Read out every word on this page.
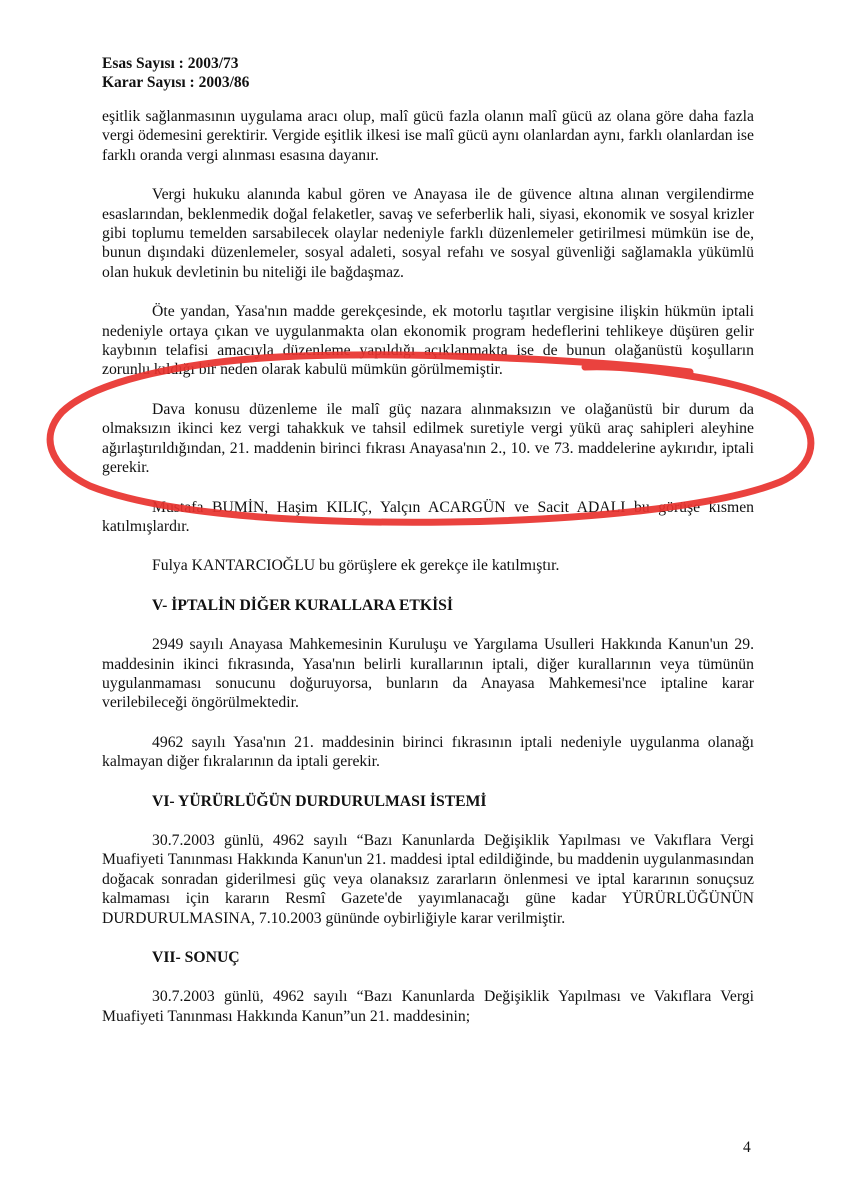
Esas Sayısı : 2003/73
Karar Sayısı : 2003/86

eşitlik sağlanmasının uygulama aracı olup, malî gücü fazla olanın malî gücü az olana göre daha fazla vergi ödemesini gerektirir. Vergide eşitlik ilkesi ise malî gücü aynı olanlardan aynı, farklı olanlardan ise farklı oranda vergi alınması esasına dayanır.

Vergi hukuku alanında kabul gören ve Anayasa ile de güvence altına alınan vergilendirme esaslarından, beklenmedik doğal felaketler, savaş ve seferberlik hali, siyasi, ekonomik ve sosyal krizler gibi toplumu temelden sarsabilecek olaylar nedeniyle farklı düzenlemeler getirilmesi mümkün ise de, bunun dışındaki düzenlemeler, sosyal adaleti, sosyal refahı ve sosyal güvenliği sağlamakla yükümlü olan hukuk devletinin bu niteliği ile bağdaşmaz.

Öte yandan, Yasa'nın madde gerekçesinde, ek motorlu taşıtlar vergisine ilişkin hükmün iptali nedeniyle ortaya çıkan ve uygulanmakta olan ekonomik program hedeflerini tehlikeye düşüren gelir kaybının telafisi amacıyla düzenleme yapıldığı açıklanmakta ise de bunun olağanüstü koşulların zorunlu kıldığı bir neden olarak kabulü mümkün görülmemiştir.

Dava konusu düzenleme ile malî güç nazara alınmaksızın ve olağanüstü bir durum da olmaksızın ikinci kez vergi tahakkuk ve tahsil edilmek suretiyle vergi yükü araç sahipleri aleyhine ağırlaştırıldığından, 21. maddenin birinci fıkrası Anayasa'nın 2., 10. ve 73. maddelerine aykırıdır, iptali gerekir.

Mustafa BUMİN, Haşim KILIÇ, Yalçın ACARGÜN ve Sacit ADALI bu görüşe kısmen katılmışlardır.

Fulya KANTARCIOĞLU bu görüşlere ek gerekçe ile katılmıştır.

V- İPTALİN DİĞER KURALLARA ETKİSİ

2949 sayılı Anayasa Mahkemesinin Kuruluşu ve Yargılama Usulleri Hakkında Kanun'un 29. maddesinin ikinci fıkrasında, Yasa'nın belirli kurallarının iptali, diğer kurallarının veya tümünün uygulanmaması sonucunu doğuruyorsa, bunların da Anayasa Mahkemesi'nce iptaline karar verilebileceği öngörülmektedir.

4962 sayılı Yasa'nın 21. maddesinin birinci fıkrasının iptali nedeniyle uygulanma olanağı kalmayan diğer fıkralarının da iptali gerekir.

VI- YÜRÜRLÜĞÜN DURDURULMASI İSTEMİ

30.7.2003 günlü, 4962 sayılı “Bazı Kanunlarda Değişiklik Yapılması ve Vakıflara Vergi Muafiyeti Tanınması Hakkında Kanun'un 21. maddesi iptal edildiğinde, bu maddenin uygulanmasından doğacak sonradan giderilmesi güç veya olanaksız zararların önlenmesi ve iptal kararının sonuçsuz kalmaması için kararın Resmî Gazete'de yayımlanacağı güne kadar YÜRÜRLÜĞÜNÜN DURDURULMASINA, 7.10.2003 gününde oybirliğiyle karar verilmiştir.

VII- SONUÇ

30.7.2003 günlü, 4962 sayılı “Bazı Kanunlarda Değişiklik Yapılması ve Vakıflara Vergi Muafiyeti Tanınması Hakkında Kanun”un 21. maddesinin;

4
